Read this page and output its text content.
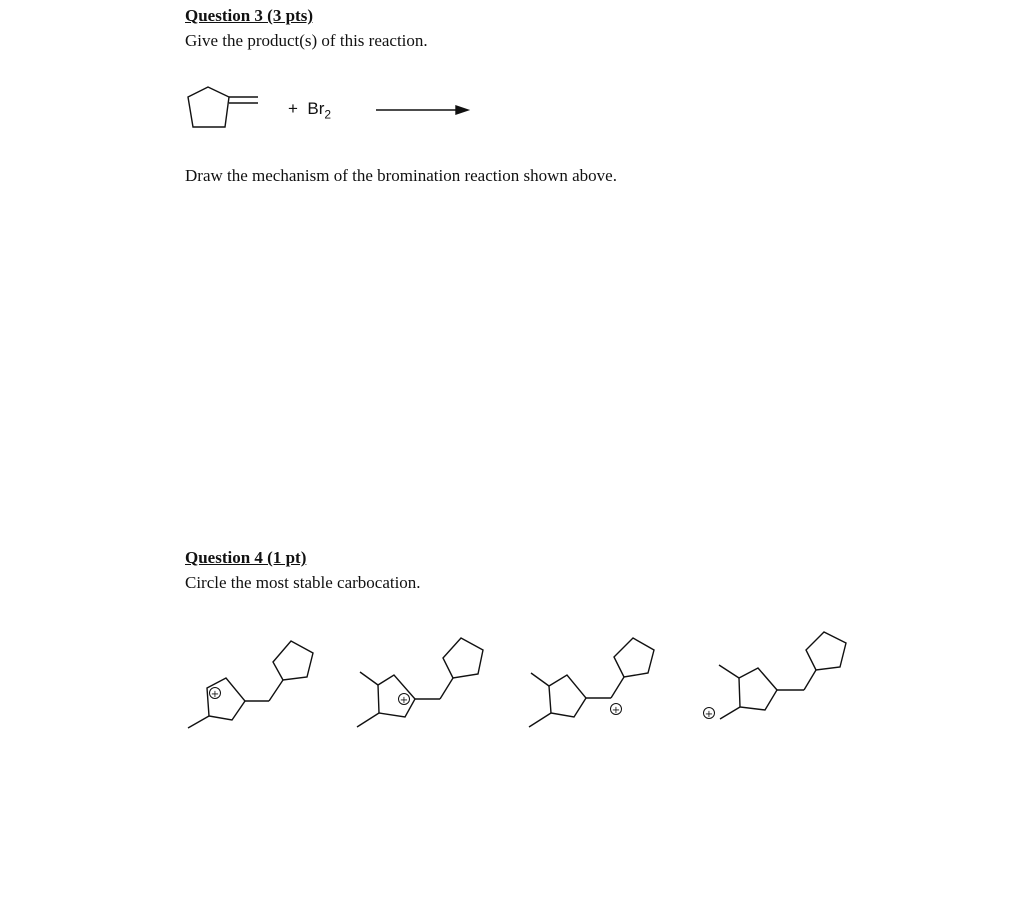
Question 3 (3 pts)

Give the product(s) of this reaction.

+ $Br_2$

Draw the mechanism of the bromination reaction shown above.

Question 4 (1 pt)

Circle the most stable carbocation.

+
+
+	+
